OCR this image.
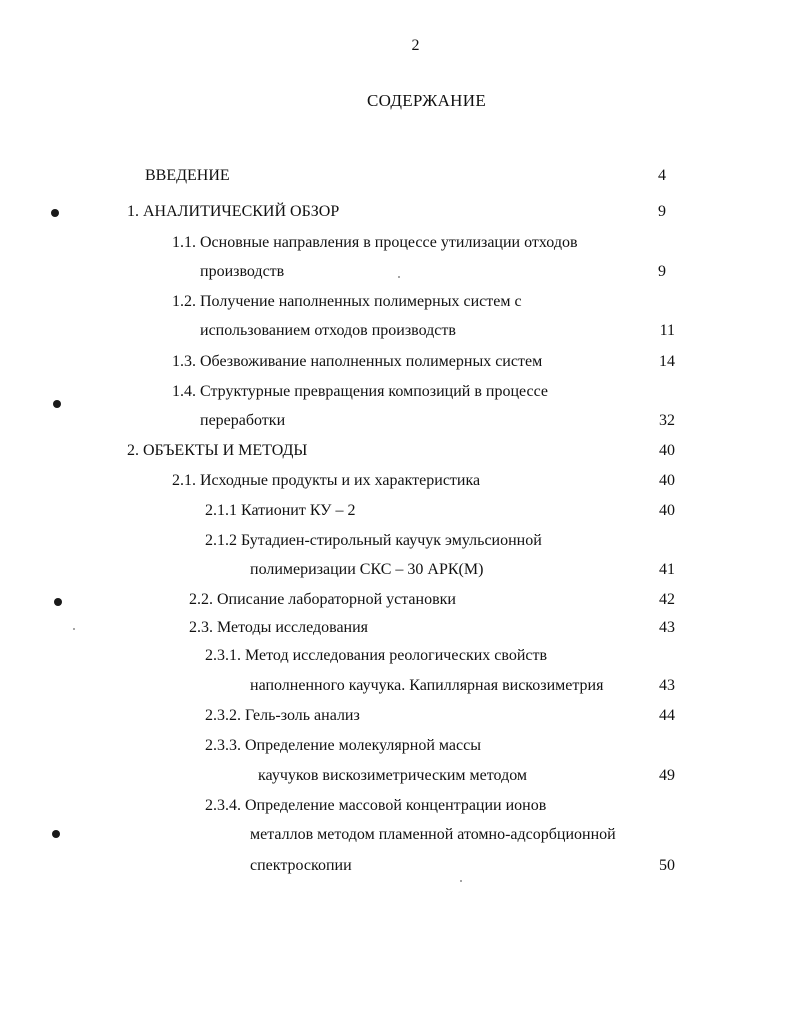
2
СОДЕРЖАНИЕ
ВВЕДЕНИЕ	4
1. АНАЛИТИЧЕСКИЙ ОБЗОР	9
1.1. Основные направления в процессе утилизации отходов
производств	9
1.2. Получение наполненных полимерных систем с
использованием отходов производств	11
1.3. Обезвоживание наполненных полимерных систем	14
1.4. Структурные превращения композиций в процессе
переработки	32
2. ОБЪЕКТЫ И МЕТОДЫ	40
2.1. Исходные продукты и их характеристика	40
2.1.1 Катионит КУ – 2	40
2.1.2 Бутадиен-стирольный каучук эмульсионной
полимеризации СКС – 30 АРК(М)	41
2.2. Описание лабораторной установки	42
2.3. Методы исследования	43
2.3.1. Метод исследования реологических свойств
наполненного каучука. Капиллярная вискозиметрия	43
2.3.2. Гель-золь анализ	44
2.3.3. Определение молекулярной массы
каучуков вискозиметрическим методом	49
2.3.4. Определение массовой концентрации ионов
металлов методом пламенной атомно-адсорбционной
спектроскопии	50
